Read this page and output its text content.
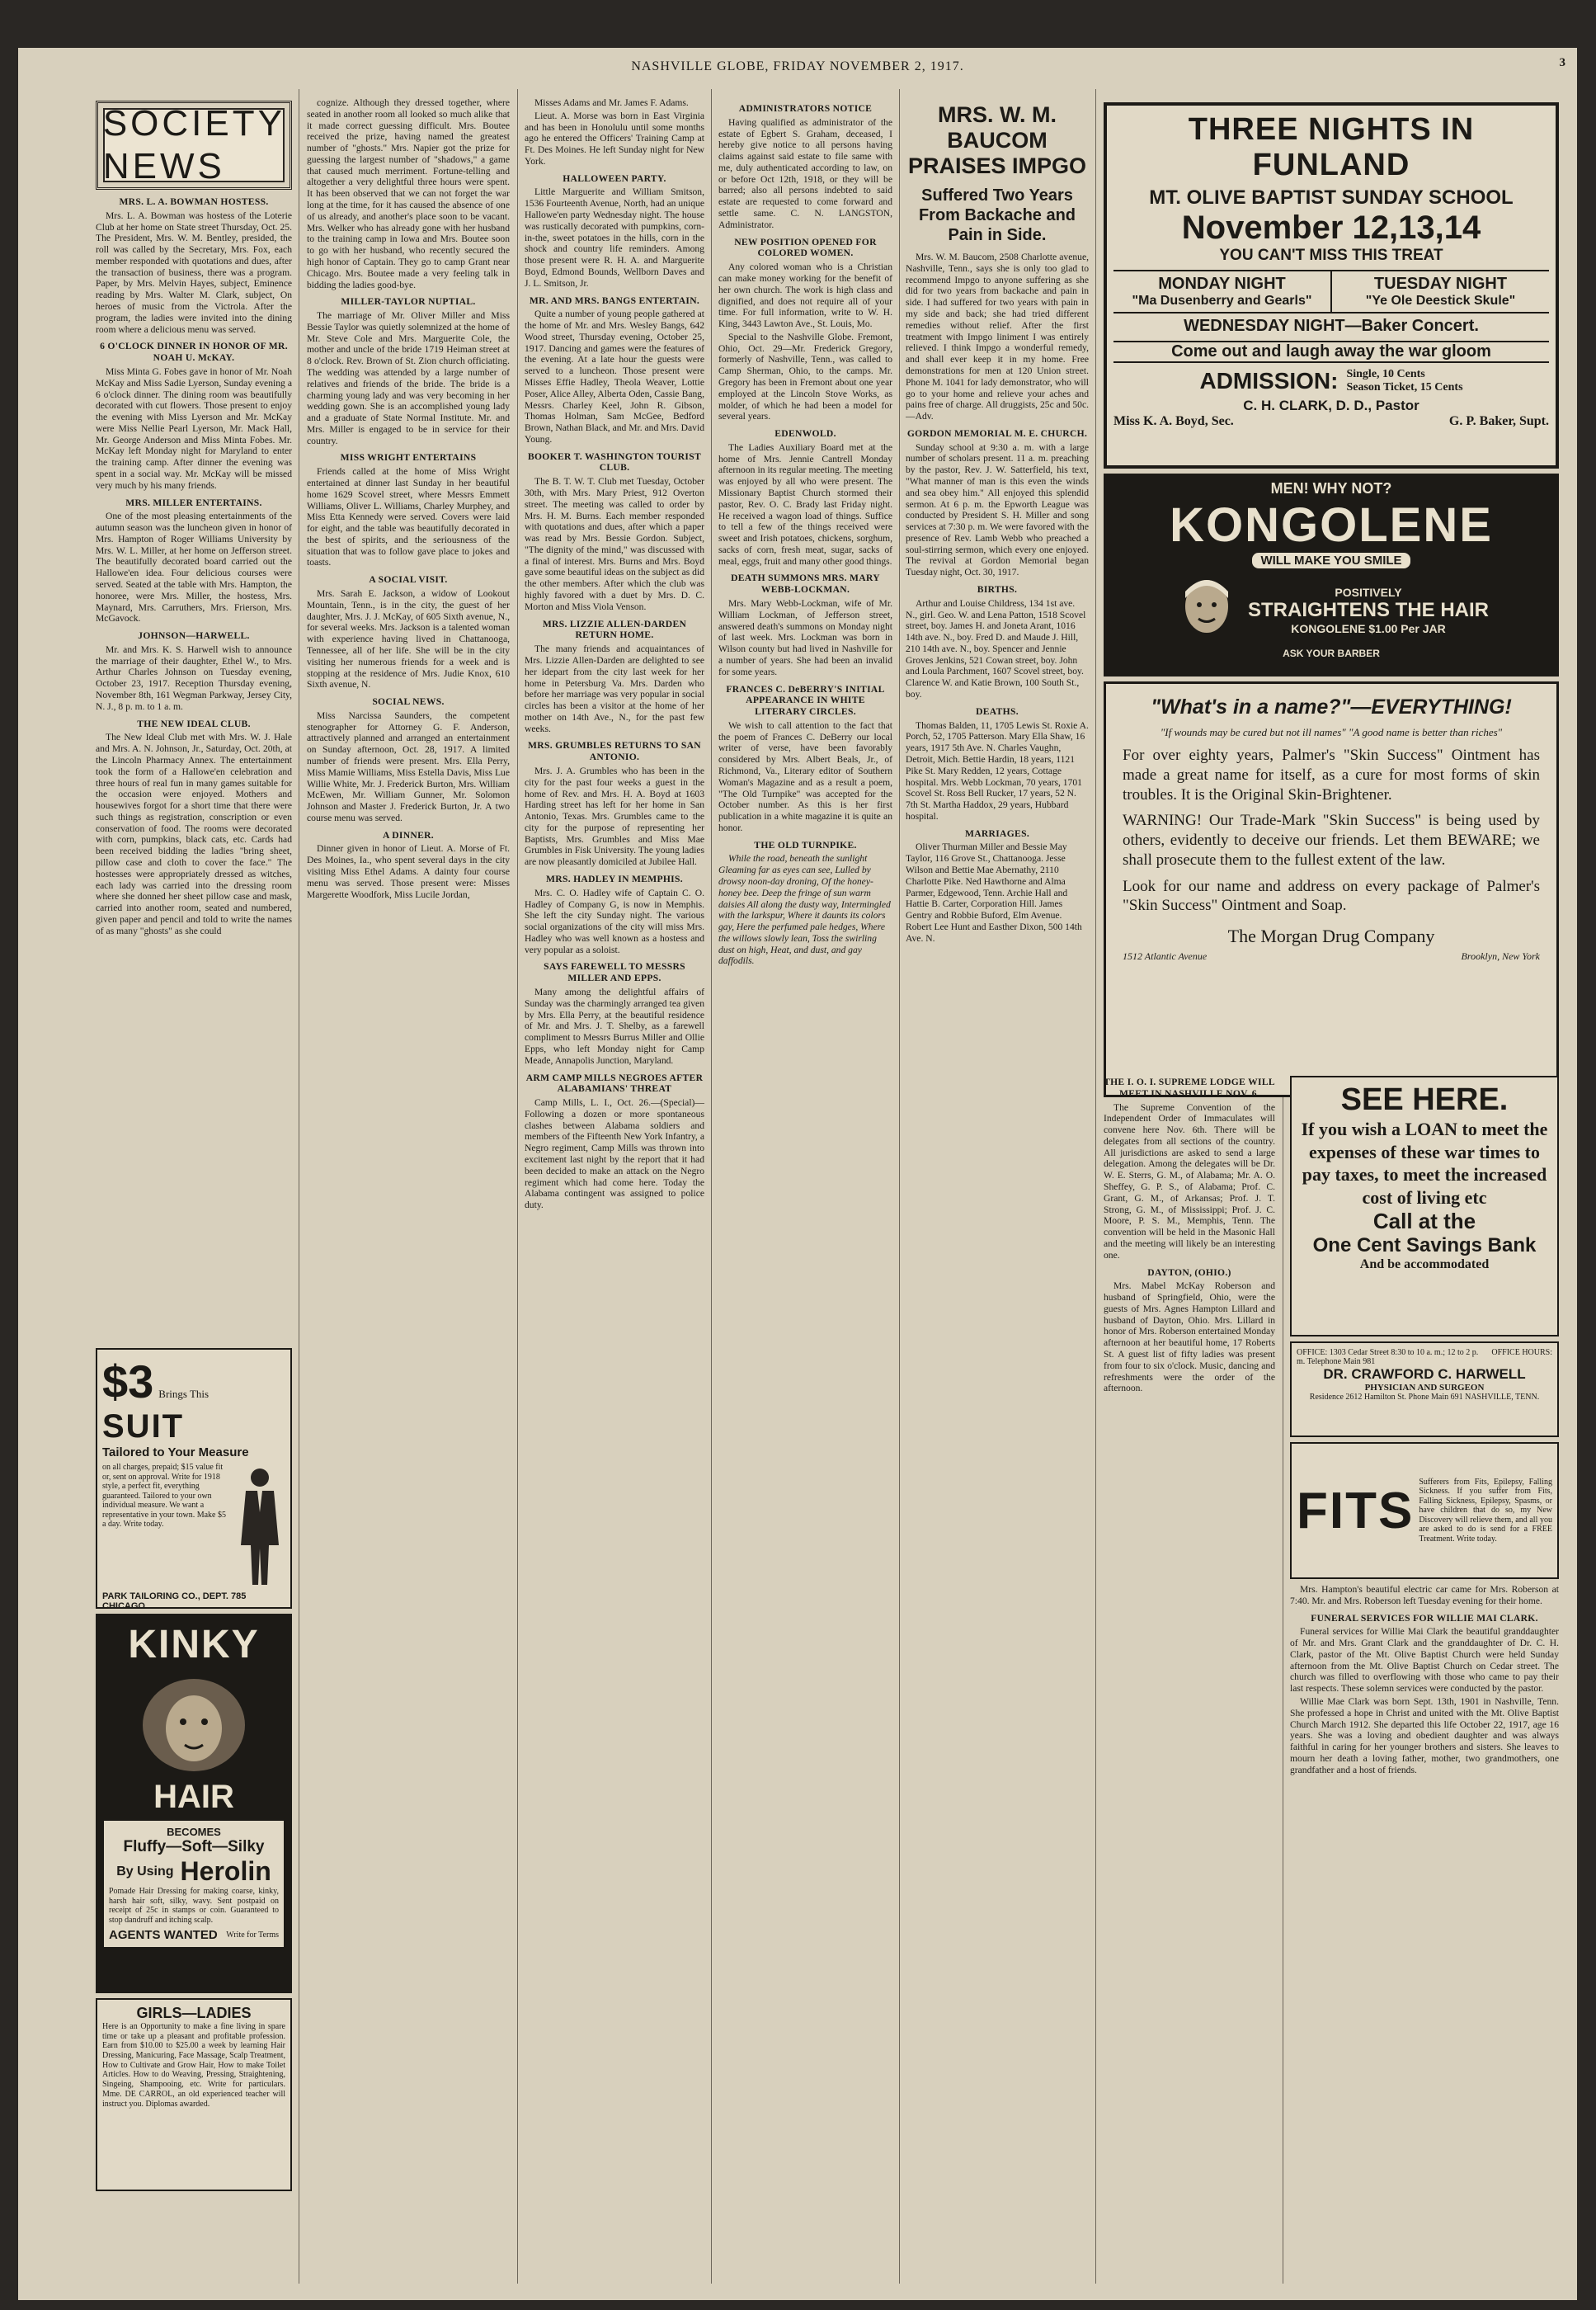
NASHVILLE GLOBE, FRIDAY NOVEMBER 2, 1917.	3
SOCIETY NEWS
MRS. L. A. BOWMAN HOSTESS.

Mrs. L. A. Bowman was hostess of the Loterie Club at her home on State street Thursday, Oct. 25. The President, Mrs. W. M. Bentley, presided, the roll was called by the Secretary, Mrs. Fox, each member responded with quotations and dues, after the transaction of business, there was a program. Paper, by Mrs. Melvin Hayes, subject, Eminence reading by Mrs. Walter M. Clark, subject, On heroes of music from the Victrola. After the program, the ladies were invited into the dining room where a delicious menu was served.

6 O'CLOCK DINNER IN HONOR OF MR. NOAH U. McKAY.

Miss Minta G. Fobes gave in honor of Mr. Noah McKay and Miss Sadie Lyerson, Sunday evening a 6 o'clock dinner. The dining room was beautifully decorated with cut flowers. Those present to enjoy the evening with Miss Lyerson and Mr. McKay were Miss Nellie Pearl Lyerson, Mr. Mack Hall, Mr. George Anderson and Miss Minta Fobes. Mr. McKay left Monday night for Maryland to enter the training camp. After dinner the evening was spent in a social way. Mr. McKay will be missed very much by his many friends.

MRS. MILLER ENTERTAINS.

One of the most pleasing entertainments of the autumn season was the luncheon given in honor of Mrs. Hampton of Roger Williams University by Mrs. W. L. Miller, at her home on Jefferson street. The beautifully decorated board carried out the Hallowe'en idea. Four delicious courses were served. Seated at the table with Mrs. Hampton, the honoree, were Mrs. Miller, the hostess, Mrs. Maynard, Mrs. Carruthers, Mrs. Frierson, Mrs. McGavock.

JOHNSON—HARWELL.

Mr. and Mrs. K. S. Harwell wish to announce the marriage of their daughter, Ethel W., to Mrs. Arthur Charles Johnson on Tuesday evening, October 23, 1917. Reception Thursday evening, November 8th, 161 Wegman Parkway, Jersey City, N. J., 8 p. m. to 1 a. m.

THE NEW IDEAL CLUB.

The New Ideal Club met with Mrs. W. J. Hale and Mrs. A. N. Johnson, Jr., Saturday, Oct. 20th, at the Lincoln Pharmacy Annex. The entertainment took the form of a Hallowe'en celebration and three hours of real fun in many games suitable for the occasion were enjoyed. Mothers and housewives forgot for a short time that there were such things as registration, conscription or even conservation of food. The rooms were decorated with corn, pumpkins, black cats, etc. Cards had been received bidding the ladies "bring sheet, pillow case and cloth to cover the face." The hostesses were appropriately dressed as witches, each lady was carried into the dressing room where she donned her sheet pillow case and mask, carried into another room, seated and numbered, given paper and pencil and told to write the names of as many "ghosts" as she could

$3 Brings This
SUIT
Tailored to Your Measure
on all charges, prepaid; $15 value fit or, sent on approval. Write for 1918 style, a perfect fit, everything guaranteed. Tailored to your own individual measure. We want a representative in your town. Make $5 a day. Write today.
PARK TAILORING CO., DEPT. 785 CHICAGO
KINKY
HAIR
BECOMES
Fluffy—Soft—Silky
By Using Herolin
Pomade Hair Dressing for making coarse, kinky, harsh hair soft, silky, wavy. Sent postpaid on receipt of 25c in stamps or coin. Guaranteed to stop dandruff and itching scalp.
AGENTS WANTED Write for Terms
GIRLS—LADIES
Here is an Opportunity to make a fine living in spare time or take up a pleasant and profitable profession. Earn from $10.00 to $25.00 a week by learning Hair Dressing, Manicuring, Face Massage, Scalp Treatment, How to Cultivate and Grow Hair, How to make Toilet Articles. How to do Weaving, Pressing, Straightening, Singeing, Shampooing, etc. Write for particulars. Mme. DE CARROL, an old experienced teacher will instruct you. Diplomas awarded.

cognize. Although they dressed together, where seated in another room all looked so much alike that it made correct guessing difficult. Mrs. Boutee received the prize, having named the greatest number of "ghosts." Mrs. Napier got the prize for guessing the largest number of "shadows," a game that caused much merriment. Fortune-telling and altogether a very delightful three hours were spent. It has been observed that we can not forget the war long at the time, for it has caused the absence of one of us already, and another's place soon to be vacant. Mrs. Welker who has already gone with her husband to the training camp in Iowa and Mrs. Boutee soon to go with her husband, who recently secured the high honor of Captain. They go to camp Grant near Chicago. Mrs. Boutee made a very feeling talk in bidding the ladies good-bye.

MILLER-TAYLOR NUPTIAL.

The marriage of Mr. Oliver Miller and Miss Bessie Taylor was quietly solemnized at the home of Mr. Steve Cole and Mrs. Marguerite Cole, the mother and uncle of the bride 1719 Heiman street at 8 o'clock. Rev. Brown of St. Zion church officiating. The wedding was attended by a large number of relatives and friends of the bride. The bride is a charming young lady and was very becoming in her wedding gown. She is an accomplished young lady and a graduate of State Normal Institute. Mr. and Mrs. Miller is engaged to be in service for their country.

MISS WRIGHT ENTERTAINS

Friends called at the home of Miss Wright entertained at dinner last Sunday in her beautiful home 1629 Scovel street, where Messrs Emmett Williams, Oliver L. Williams, Charley Murphey, and Miss Etta Kennedy were served. Covers were laid for eight, and the table was beautifully decorated in the best of spirits, and the seriousness of the situation that was to follow gave place to jokes and toasts.

A SOCIAL VISIT.

Mrs. Sarah E. Jackson, a widow of Lookout Mountain, Tenn., is in the city, the guest of her daughter, Mrs. J. J. McKay, of 605 Sixth avenue, N., for several weeks. Mrs. Jackson is a talented woman with experience having lived in Chattanooga, Tennessee, all of her life. She will be in the city visiting her numerous friends for a week and is stopping at the residence of Mrs. Judie Knox, 610 Sixth avenue, N.

SOCIAL NEWS.

Miss Narcissa Saunders, the competent stenographer for Attorney G. F. Anderson, attractively planned and arranged an entertainment on Sunday afternoon, Oct. 28, 1917. A limited number of friends were present. Mrs. Ella Perry, Miss Mamie Williams, Miss Estella Davis, Miss Lue Willie White, Mr. J. Frederick Burton, Mrs. William McEwen, Mr. William Gunner, Mr. Solomon Johnson and Master J. Frederick Burton, Jr. A two course menu was served.

A DINNER.

Dinner given in honor of Lieut. A. Morse of Ft. Des Moines, Ia., who spent several days in the city visiting Miss Ethel Adams. A dainty four course menu was served. Those present were: Misses Margerette Woodfork, Miss Lucile Jordan,

Misses Adams and Mr. James F. Adams.

Lieut. A. Morse was born in East Virginia and has been in Honolulu until some months ago he entered the Officers' Training Camp at Ft. Des Moines. He left Sunday night for New York.

HALLOWEEN PARTY.

Little Marguerite and William Smitson, 1536 Fourteenth Avenue, North, had an unique Hallowe'en party Wednesday night. The house was rustically decorated with pumpkins, corn-in-the, sweet potatoes in the hills, corn in the shock and country life reminders. Among those present were R. H. A. and Marguerite Boyd, Edmond Bounds, Wellborn Daves and J. L. Smitson, Jr.

MR. AND MRS. BANGS ENTERTAIN.

Quite a number of young people gathered at the home of Mr. and Mrs. Wesley Bangs, 642 Wood street, Thursday evening, October 25, 1917. Dancing and games were the features of the evening. At a late hour the guests were served to a luncheon. Those present were Misses Effie Hadley, Theola Weaver, Lottie Poser, Alice Alley, Alberta Oden, Cassie Bang, Messrs. Charley Keel, John R. Gibson, Thomas Holman, Sam McGee, Bedford Brown, Nathan Black, and Mr. and Mrs. David Young.

BOOKER T. WASHINGTON TOURIST CLUB.

The B. T. W. T. Club met Tuesday, October 30th, with Mrs. Mary Priest, 912 Overton street. The meeting was called to order by Mrs. H. M. Burns. Each member responded with quotations and dues, after which a paper was read by Mrs. Bessie Gordon. Subject, "The dignity of the mind," was discussed with a final of interest. Mrs. Burns and Mrs. Boyd gave some beautiful ideas on the subject as did the other members. After which the club was highly favored with a duet by Mrs. D. C. Morton and Miss Viola Venson.

MRS. LIZZIE ALLEN-DARDEN RETURN HOME.

The many friends and acquaintances of Mrs. Lizzie Allen-Darden are delighted to see her idepart from the city last week for her home in Petersburg Va. Mrs. Darden who before her marriage was very popular in social circles has been a visitor at the home of her mother on 14th Ave., N., for the past few weeks.

MRS. GRUMBLES RETURNS TO SAN ANTONIO.

Mrs. J. A. Grumbles who has been in the city for the past four weeks a guest in the home of Rev. and Mrs. H. A. Boyd at 1603 Harding street has left for her home in San Antonio, Texas. Mrs. Grumbles came to the city for the purpose of representing her Baptists, Mrs. Grumbles and Miss Mae Grumbles in Fisk University. The young ladies are now pleasantly domiciled at Jubilee Hall.

MRS. HADLEY IN MEMPHIS.

Mrs. C. O. Hadley wife of Captain C. O. Hadley of Company G, is now in Memphis. She left the city Sunday night. The various social organizations of the city will miss Mrs. Hadley who was well known as a hostess and very popular as a soloist.

SAYS FAREWELL TO MESSRS MILLER AND EPPS.

Many among the delightful affairs of Sunday was the charmingly arranged tea given by Mrs. Ella Perry, at the beautiful residence of Mr. and Mrs. J. T. Shelby, as a farewell compliment to Messrs Burrus Miller and Ollie Epps, who left Monday night for Camp Meade, Annapolis Junction, Maryland.

ARM CAMP MILLS NEGROES AFTER ALABAMIANS' THREAT

Camp Mills, L. I., Oct. 26.—(Special)—Following a dozen or more spontaneous clashes between Alabama soldiers and members of the Fifteenth New York Infantry, a Negro regiment, Camp Mills was thrown into excitement last night by the report that it had been decided to make an attack on the Negro regiment which had come here. Today the Alabama contingent was assigned to police duty.

ADMINISTRATORS NOTICE

Having qualified as administrator of the estate of Egbert S. Graham, deceased, I hereby give notice to all persons having claims against said estate to file same with me, duly authenticated according to law, on or before Oct 12th, 1918, or they will be barred; also all persons indebted to said estate are requested to come forward and settle same. C. N. LANGSTON, Administrator.

NEW POSITION OPENED FOR COLORED WOMEN.

Any colored woman who is a Christian can make money working for the benefit of her own church. The work is high class and dignified, and does not require all of your time. For full information, write to W. H. King, 3443 Lawton Ave., St. Louis, Mo.

Special to the Nashville Globe. Fremont, Ohio, Oct. 29—Mr. Frederick Gregory, formerly of Nashville, Tenn., was called to Camp Sherman, Ohio, to the camps. Mr. Gregory has been in Fremont about one year employed at the Lincoln Stove Works, as molder, of which he had been a model for several years.

EDENWOLD.

The Ladies Auxiliary Board met at the home of Mrs. Jennie Cantrell Monday afternoon in its regular meeting. The meeting was enjoyed by all who were present. The Missionary Baptist Church stormed their pastor, Rev. O. C. Brady last Friday night. He received a wagon load of things. Suffice to tell a few of the things received were sweet and Irish potatoes, chickens, sorghum, sacks of corn, fresh meat, sugar, sacks of meal, eggs, fruit and many other good things.

DEATH SUMMONS MRS. MARY WEBB-LOCKMAN.

Mrs. Mary Webb-Lockman, wife of Mr. William Lockman, of Jefferson street, answered death's summons on Monday night of last week. Mrs. Lockman was born in Wilson county but had lived in Nashville for a number of years. She had been an invalid for some years.

FRANCES C. DeBERRY'S INITIAL APPEARANCE IN WHITE LITERARY CIRCLES.

We wish to call attention to the fact that the poem of Frances C. DeBerry our local writer of verse, have been favorably considered by Mrs. Albert Beals, Jr., of Richmond, Va., Literary editor of Southern Woman's Magazine and as a result a poem, "The Old Turnpike" was accepted for the October number. As this is her first publication in a white magazine it is quite an honor.

THE OLD TURNPIKE.

While the road, beneath the sunlight Gleaming far as eyes can see, Lulled by drowsy noon-day droning, Of the honey-honey bee. Deep the fringe of sun warm daisies All along the dusty way, Intermingled with the larkspur, Where it daunts its colors gay, Here the perfumed pale hedges, Where the willows slowly lean, Toss the swirling dust on high, Heat, and dust, and gay daffodils.

MRS. W. M. BAUCOM PRAISES IMPGO
Suffered Two Years From Backache and Pain in Side.

Mrs. W. M. Baucom, 2508 Charlotte avenue, Nashville, Tenn., says she is only too glad to recommend Impgo to anyone suffering as she did for two years from backache and pain in side. I had suffered for two years with pain in my side and back; she had tried different remedies without relief. After the first treatment with Impgo liniment I was entirely relieved. I think Impgo a wonderful remedy, and shall ever keep it in my home. Free demonstrations for men at 120 Union street. Phone M. 1041 for lady demonstrator, who will go to your home and relieve your aches and pains free of charge. All druggists, 25c and 50c.—Adv.

GORDON MEMORIAL M. E. CHURCH.

Sunday school at 9:30 a. m. with a large number of scholars present. 11 a. m. preaching by the pastor, Rev. J. W. Satterfield, his text, "What manner of man is this even the winds and sea obey him." All enjoyed this splendid sermon. At 6 p. m. the Epworth League was conducted by President S. H. Miller and song services at 7:30 p. m. We were favored with the presence of Rev. Lamb Webb who preached a soul-stirring sermon, which every one enjoyed. The revival at Gordon Memorial began Tuesday night, Oct. 30, 1917.

BIRTHS.

Arthur and Louise Childress, 134 1st ave. N., girl. Geo. W. and Lena Patton, 1518 Scovel street, boy. James H. and Joneta Arant, 1016 14th ave. N., boy. Fred D. and Maude J. Hill, 210 14th ave. N., boy. Spencer and Jennie Groves Jenkins, 521 Cowan street, boy. John and Loula Parchment, 1607 Scovel street, boy. Clarence W. and Katie Brown, 100 South St., boy.

DEATHS.

Thomas Balden, 11, 1705 Lewis St. Roxie A. Porch, 52, 1705 Patterson. Mary Ella Shaw, 16 years, 1917 5th Ave. N. Charles Vaughn, Detroit, Mich. Bettie Hardin, 18 years, 1121 Pike St. Mary Redden, 12 years, Cottage hospital. Mrs. Webb Lockman, 70 years, 1701 Scovel St. Ross Bell Rucker, 17 years, 52 N. 7th St. Martha Haddox, 29 years, Hubbard hospital.

MARRIAGES.

Oliver Thurman Miller and Bessie May Taylor, 116 Grove St., Chattanooga. Jesse Wilson and Bettie Mae Abernathy, 2110 Charlotte Pike. Ned Hawthorne and Alma Parmer, Edgewood, Tenn. Archie Hall and Hattie B. Carter, Corporation Hill. James Gentry and Robbie Buford, Elm Avenue. Robert Lee Hunt and Easther Dixon, 500 14th Ave. N.

THREE NIGHTS IN FUNLAND
MT. OLIVE BAPTIST SUNDAY SCHOOL
November 12,13,14
YOU CAN'T MISS THIS TREAT
MONDAY NIGHT
"Ma Dusenberry and Gearls"
TUESDAY NIGHT
"Ye Ole Deestick Skule"
WEDNESDAY NIGHT—Baker Concert.
Come out and laugh away the war gloom
ADMISSION: Single, 10 Cents
Season Ticket, 15 Cents
C. H. CLARK, D. D., Pastor
Miss K. A. Boyd, Sec.	G. P. Baker, Supt.
MEN! WHY NOT?
KONGOLENE
WILL MAKE YOU SMILE
POSITIVELY
STRAIGHTENS THE HAIR
KONGOLENE $1.00 Per JAR
ASK YOUR BARBER
"What's in a name?"—EVERYTHING!
"If wounds may be cured but not ill names" "A good name is better than riches"
For over eighty years, Palmer's "Skin Success" Ointment has made a great name for itself, as a cure for most forms of skin troubles. It is the Original Skin-Brightener.
WARNING! Our Trade-Mark "Skin Success" is being used by others, evidently to deceive our friends. Let them BEWARE; we shall prosecute them to the fullest extent of the law.
Look for our name and address on every package of Palmer's "Skin Success" Ointment and Soap.
The Morgan Drug Company
1512 Atlantic Avenue	Brooklyn, New York
THE I. O. I. SUPREME LODGE WILL MEET IN NASHVILLE NOV. 6.

The Supreme Convention of the Independent Order of Immaculates will convene here Nov. 6th. There will be delegates from all sections of the country. All jurisdictions are asked to send a large delegation. Among the delegates will be Dr. W. E. Sterrs, G. M., of Alabama; Mr. A. O. Sheffey, G. P. S., of Alabama; Prof. C. Grant, G. M., of Arkansas; Prof. J. T. Strong, G. M., of Mississippi; Prof. J. C. Moore, P. S. M., Memphis, Tenn. The convention will be held in the Masonic Hall and the meeting will likely be an interesting one.

DAYTON, (OHIO.)

Mrs. Mabel McKay Roberson and husband of Springfield, Ohio, were the guests of Mrs. Agnes Hampton Lillard and husband of Dayton, Ohio. Mrs. Lillard in honor of Mrs. Roberson entertained Monday afternoon at her beautiful home, 17 Roberts St. A guest list of fifty ladies was present from four to six o'clock. Music, dancing and refreshments were the order of the afternoon.

SEE HERE.
If you wish a LOAN to meet the expenses of these war times to pay taxes, to meet the increased cost of living etc
Call at the
One Cent Savings Bank
And be accommodated
OFFICE: 1303 Cedar Street 8:30 to 10 a. m.; 12 to 2 p. m. Telephone Main 981
OFFICE HOURS:
DR. CRAWFORD C. HARWELL
PHYSICIAN AND SURGEON
Residence 2612 Hamilton St. Phone Main 691 NASHVILLE, TENN.
FITS
Sufferers from Fits, Epilepsy, Falling Sickness. If you suffer from Fits, Falling Sickness, Epilepsy, Spasms, or have children that do so, my New Discovery will relieve them, and all you are asked to do is send for a FREE Treatment. Write today.

Mrs. Hampton's beautiful electric car came for Mrs. Roberson at 7:40. Mr. and Mrs. Roberson left Tuesday evening for their home.

FUNERAL SERVICES FOR WILLIE MAI CLARK.

Funeral services for Willie Mai Clark the beautiful granddaughter of Mr. and Mrs. Grant Clark and the granddaughter of Dr. C. H. Clark, pastor of the Mt. Olive Baptist Church were held Sunday afternoon from the Mt. Olive Baptist Church on Cedar street. The church was filled to overflowing with those who came to pay their last respects. These solemn services were conducted by the pastor.

Willie Mae Clark was born Sept. 13th, 1901 in Nashville, Tenn. She professed a hope in Christ and united with the Mt. Olive Baptist Church March 1912. She departed this life October 22, 1917, age 16 years. She was a loving and obedient daughter and was always faithful in caring for her younger brothers and sisters. She leaves to mourn her death a loving father, mother, two grandmothers, one grandfather and a host of friends.
